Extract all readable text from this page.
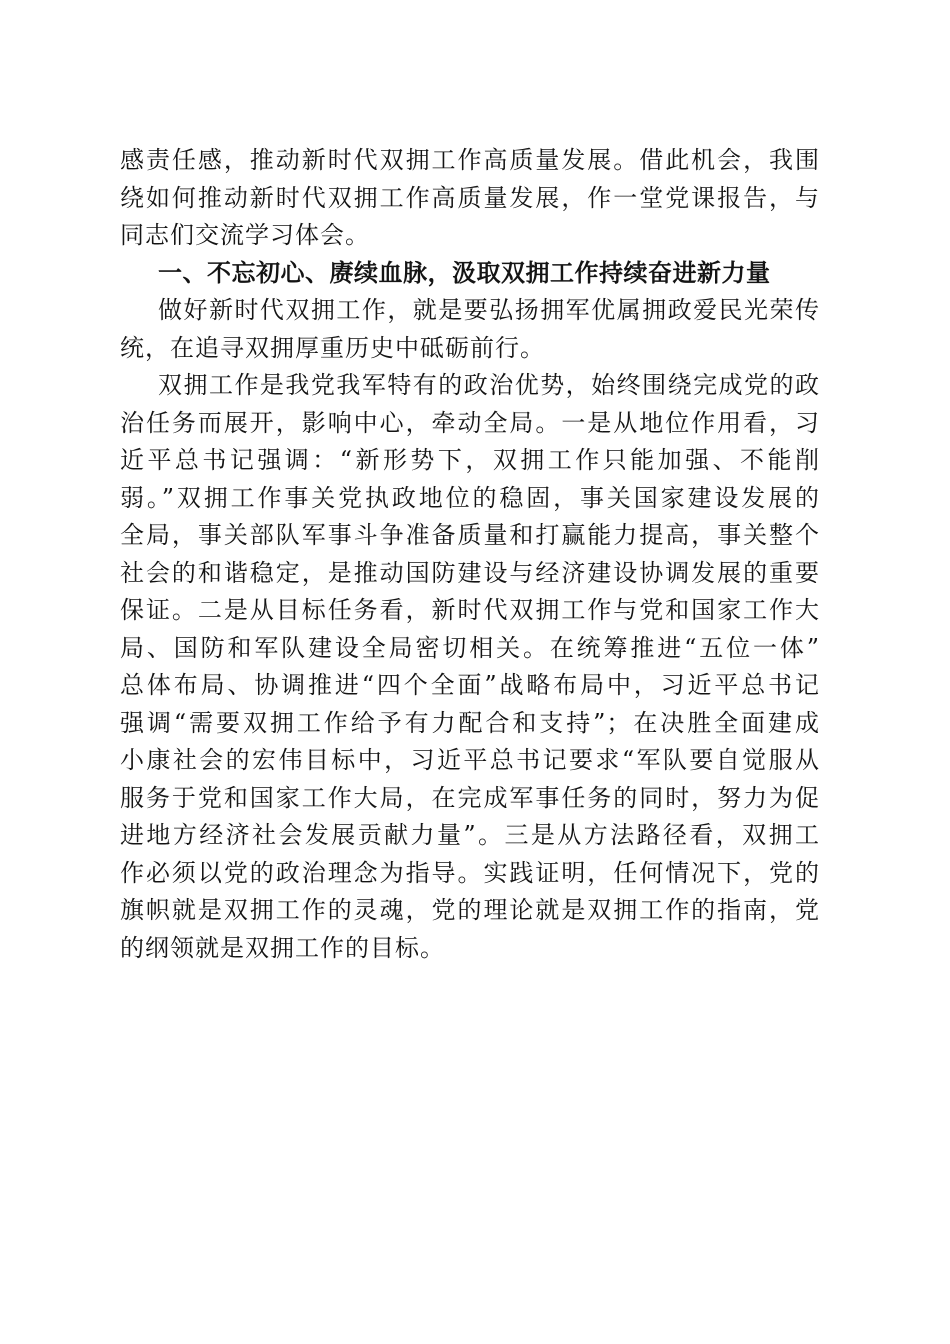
感责任感，推动新时代双拥工作高质量发展。借此机会，我围
绕如何推动新时代双拥工作高质量发展，作一堂党课报告，与
同志们交流学习体会。
一、不忘初心、赓续血脉，汲取双拥工作持续奋进新力量
做好新时代双拥工作，就是要弘扬拥军优属拥政爱民光荣传
统，在追寻双拥厚重历史中砥砺前行。
双拥工作是我党我军特有的政治优势，始终围绕完成党的政
治任务而展开，影响中心，牵动全局。一是从地位作用看，习
近平总书记强调：“新形势下，双拥工作只能加强、不能削
弱。”双拥工作事关党执政地位的稳固，事关国家建设发展的
全局，事关部队军事斗争准备质量和打赢能力提高，事关整个
社会的和谐稳定，是推动国防建设与经济建设协调发展的重要
保证。二是从目标任务看，新时代双拥工作与党和国家工作大
局、国防和军队建设全局密切相关。在统筹推进“五位一体”
总体布局、协调推进“四个全面”战略布局中，习近平总书记
强调“需要双拥工作给予有力配合和支持”；在决胜全面建成
小康社会的宏伟目标中，习近平总书记要求“军队要自觉服从
服务于党和国家工作大局，在完成军事任务的同时，努力为促
进地方经济社会发展贡献力量”。三是从方法路径看，双拥工
作必须以党的政治理念为指导。实践证明，任何情况下，党的
旗帜就是双拥工作的灵魂，党的理论就是双拥工作的指南，党
的纲领就是双拥工作的目标。
